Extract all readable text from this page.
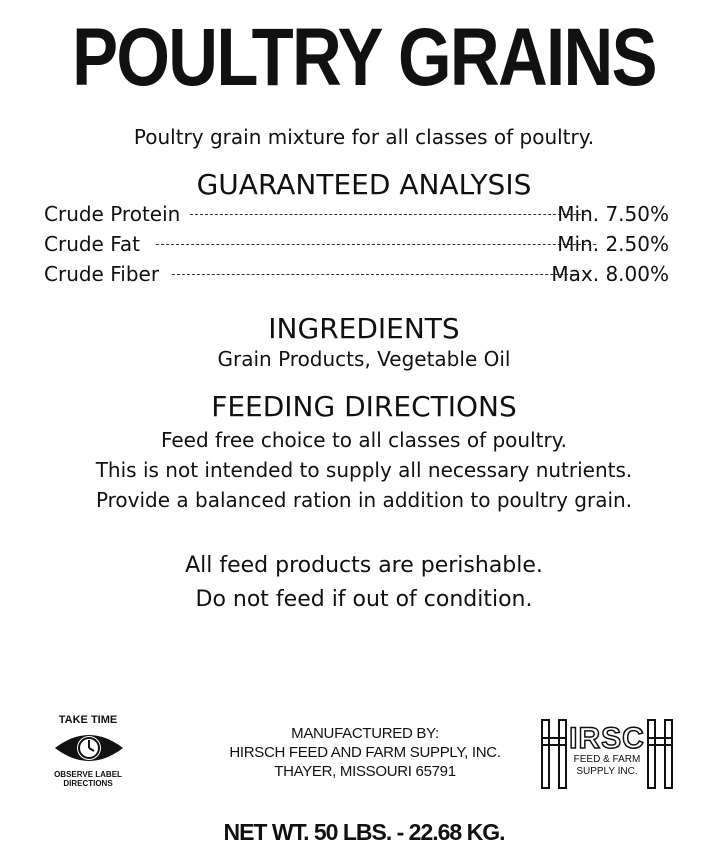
POULTRY GRAINS
Poultry grain mixture for all classes of poultry.
GUARANTEED ANALYSIS
Crude Protein	Min. 7.50%
Crude Fat	Min. 2.50%
Crude Fiber	Max. 8.00%
INGREDIENTS
Grain Products, Vegetable Oil
FEEDING DIRECTIONS
Feed free choice to all classes of poultry.
This is not intended to supply all necessary nutrients.
Provide a balanced ration in addition to poultry grain.
All feed products are perishable.
Do not feed if out of condition.
TAKE TIME
OBSERVE LABEL
DIRECTIONS
MANUFACTURED BY:
HIRSCH FEED AND FARM SUPPLY, INC.
THAYER, MISSOURI 65791
IRSC
FEED & FARM
SUPPLY INC.
NET WT. 50 LBS. - 22.68 KG.
